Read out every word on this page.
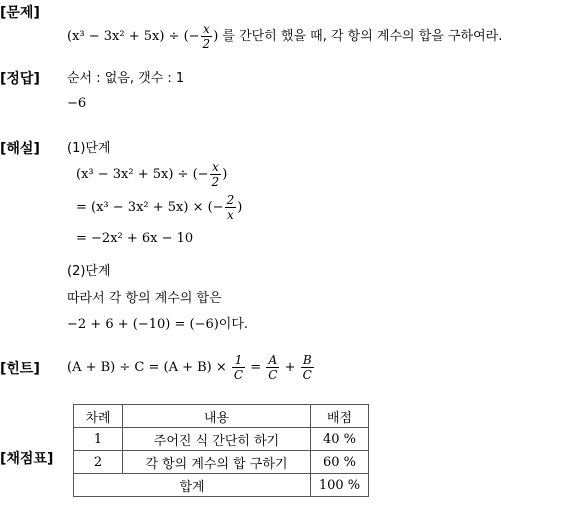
[문제]
(x³ − 3x² + 5x) ÷ (− $\frac{x}{2}$ ) 를 간단히 했을 때, 각 항의 계수의 합을 구하여라.
[정답] 순서 : 없음, 갯수 : 1
−6
[해설] (1)단계
(x³ − 3x² + 5x) ÷ (− $\frac{x}{2}$ )
= (x³ − 3x² + 5x) × (− $\frac{2}{x}$ )
= −2x² + 6x − 10
(2)단계
따라서 각 항의 계수의 합은
−2 + 6 + (−10) = (−6)이다.
[힌트] $(A + B) \div C = (A + B) \times \frac{1}{C} = \frac{A}{C} + \frac{B}{C}$
[채점표]
차례	내용	배점
1	주어진 식 간단히 하기	40 %
2	각 항의 계수의 합 구하기	60 %
합계		100 %
